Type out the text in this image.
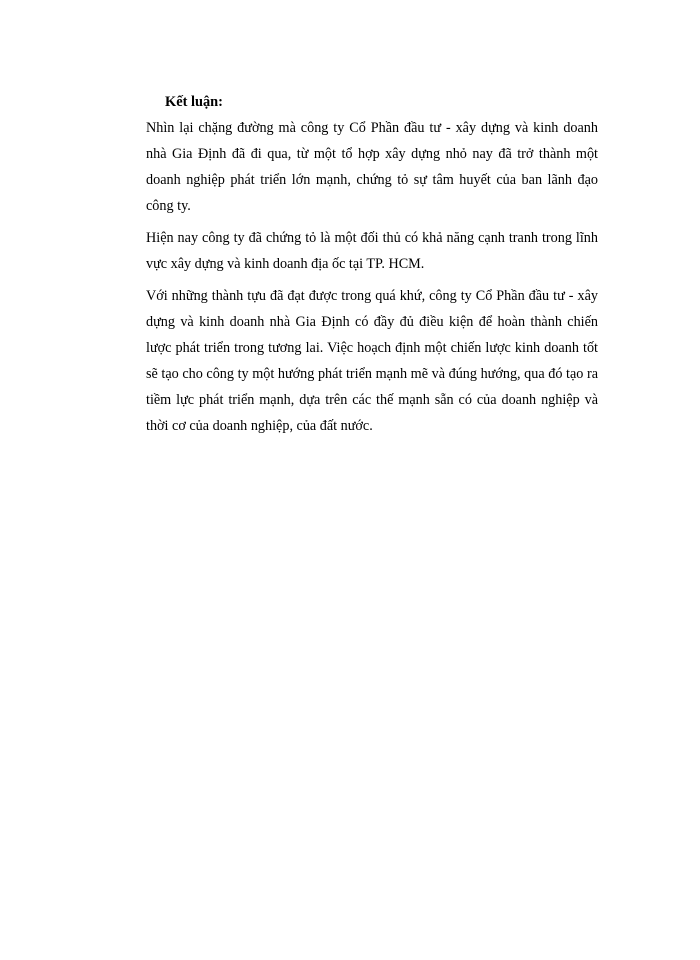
Kết luận:

Nhìn lại chặng đường mà công ty Cổ Phần đầu tư - xây dựng và kinh doanh nhà Gia Định đã đi qua, từ một tổ hợp xây dựng nhỏ nay đã trở thành một doanh nghiệp phát triển lớn mạnh, chứng tỏ sự tâm huyết của ban lãnh đạo công ty.

Hiện nay công ty đã chứng tỏ là một đối thủ có khả năng cạnh tranh trong lĩnh vực xây dựng và kinh doanh địa ốc tại TP. HCM.

Với những thành tựu đã đạt được trong quá khứ, công ty Cổ Phần đầu tư - xây dựng và kinh doanh nhà Gia Định có đầy đủ điều kiện để hoàn thành chiến lược phát triển trong tương lai. Việc hoạch định một chiến lược kinh doanh tốt sẽ tạo cho công ty một hướng phát triển mạnh mẽ và đúng hướng, qua đó tạo ra tiềm lực phát triển mạnh, dựa trên các thế mạnh sẵn có của doanh nghiệp và thời cơ của doanh nghiệp, của đất nước.
